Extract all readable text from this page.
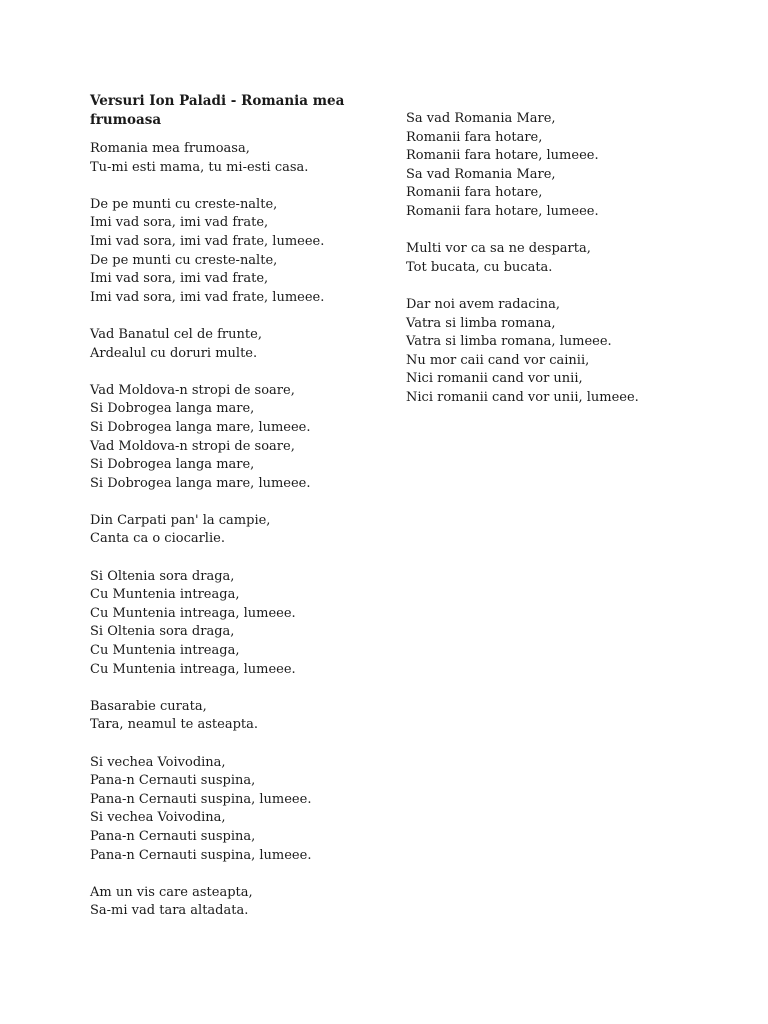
Versuri Ion Paladi - Romania mea frumoasa
Romania mea frumoasa,
Tu-mi esti mama, tu mi-esti casa.
De pe munti cu creste-nalte,
Imi vad sora, imi vad frate,
Imi vad sora, imi vad frate, lumeee.
De pe munti cu creste-nalte,
Imi vad sora, imi vad frate,
Imi vad sora, imi vad frate, lumeee.
Vad Banatul cel de frunte,
Ardealul cu doruri multe.
Vad Moldova-n stropi de soare,
Si Dobrogea langa mare,
Si Dobrogea langa mare, lumeee.
Vad Moldova-n stropi de soare,
Si Dobrogea langa mare,
Si Dobrogea langa mare, lumeee.
Din Carpati pan' la campie,
Canta ca o ciocarlie.
Si Oltenia sora draga,
Cu Muntenia intreaga,
Cu Muntenia intreaga, lumeee.
Si Oltenia sora draga,
Cu Muntenia intreaga,
Cu Muntenia intreaga, lumeee.
Basarabie curata,
Tara, neamul te asteapta.
Si vechea Voivodina,
Pana-n Cernauti suspina,
Pana-n Cernauti suspina, lumeee.
Si vechea Voivodina,
Pana-n Cernauti suspina,
Pana-n Cernauti suspina, lumeee.
Am un vis care asteapta,
Sa-mi vad tara altadata.
Sa vad Romania Mare,
Romanii fara hotare,
Romanii fara hotare, lumeee.
Sa vad Romania Mare,
Romanii fara hotare,
Romanii fara hotare, lumeee.
Multi vor ca sa ne desparta,
Tot bucata, cu bucata.
Dar noi avem radacina,
Vatra si limba romana,
Vatra si limba romana, lumeee.
Nu mor caii cand vor cainii,
Nici romanii cand vor unii,
Nici romanii cand vor unii, lumeee.
